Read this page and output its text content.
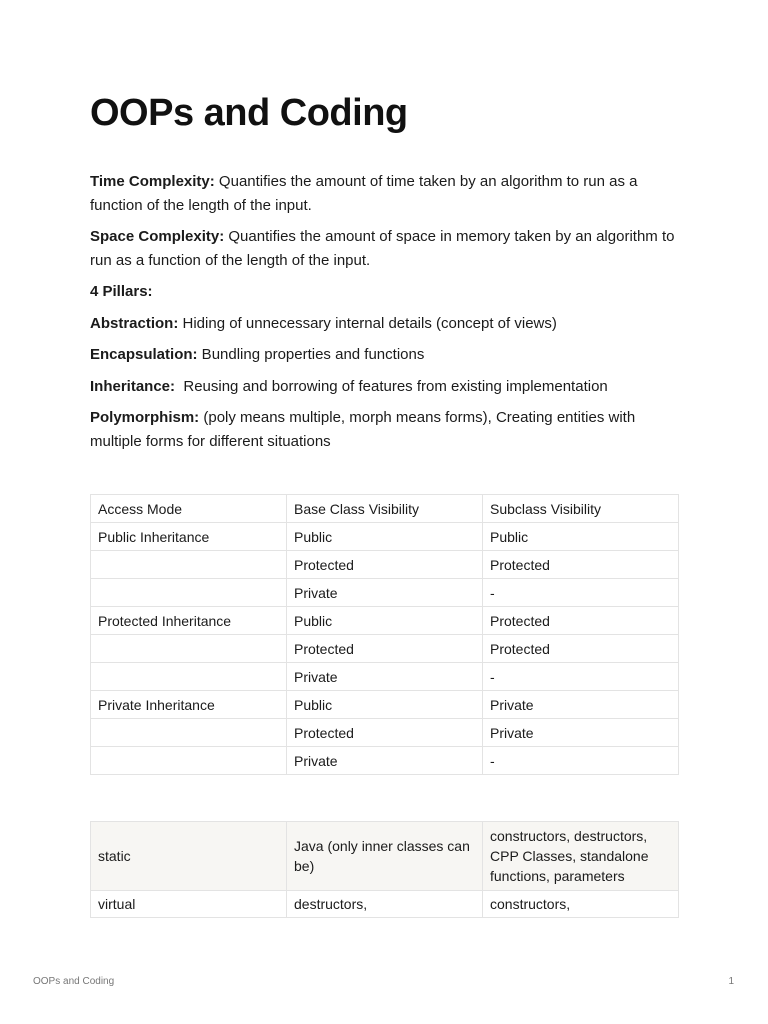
OOPs and Coding

Time Complexity: Quantifies the amount of time taken by an algorithm to run as a function of the length of the input.

Space Complexity: Quantifies the amount of space in memory taken by an algorithm to run as a function of the length of the input.

4 Pillars:

Abstraction: Hiding of unnecessary internal details (concept of views)

Encapsulation: Bundling properties and functions

Inheritance:  Reusing and borrowing of features from existing implementation

Polymorphism: (poly means multiple, morph means forms), Creating entities with multiple forms for different situations

Access Mode	Base Class Visibility	Subclass Visibility
Public Inheritance	Public	Public
	Protected	Protected
	Private	-
Protected Inheritance	Public	Protected
	Protected	Protected
	Private	-
Private Inheritance	Public	Private
	Protected	Private
	Private	-
static	Java (only inner classes can be)	constructors, destructors, CPP Classes, standalone functions, parameters
virtual	destructors,	constructors,
OOPs and Coding	1
